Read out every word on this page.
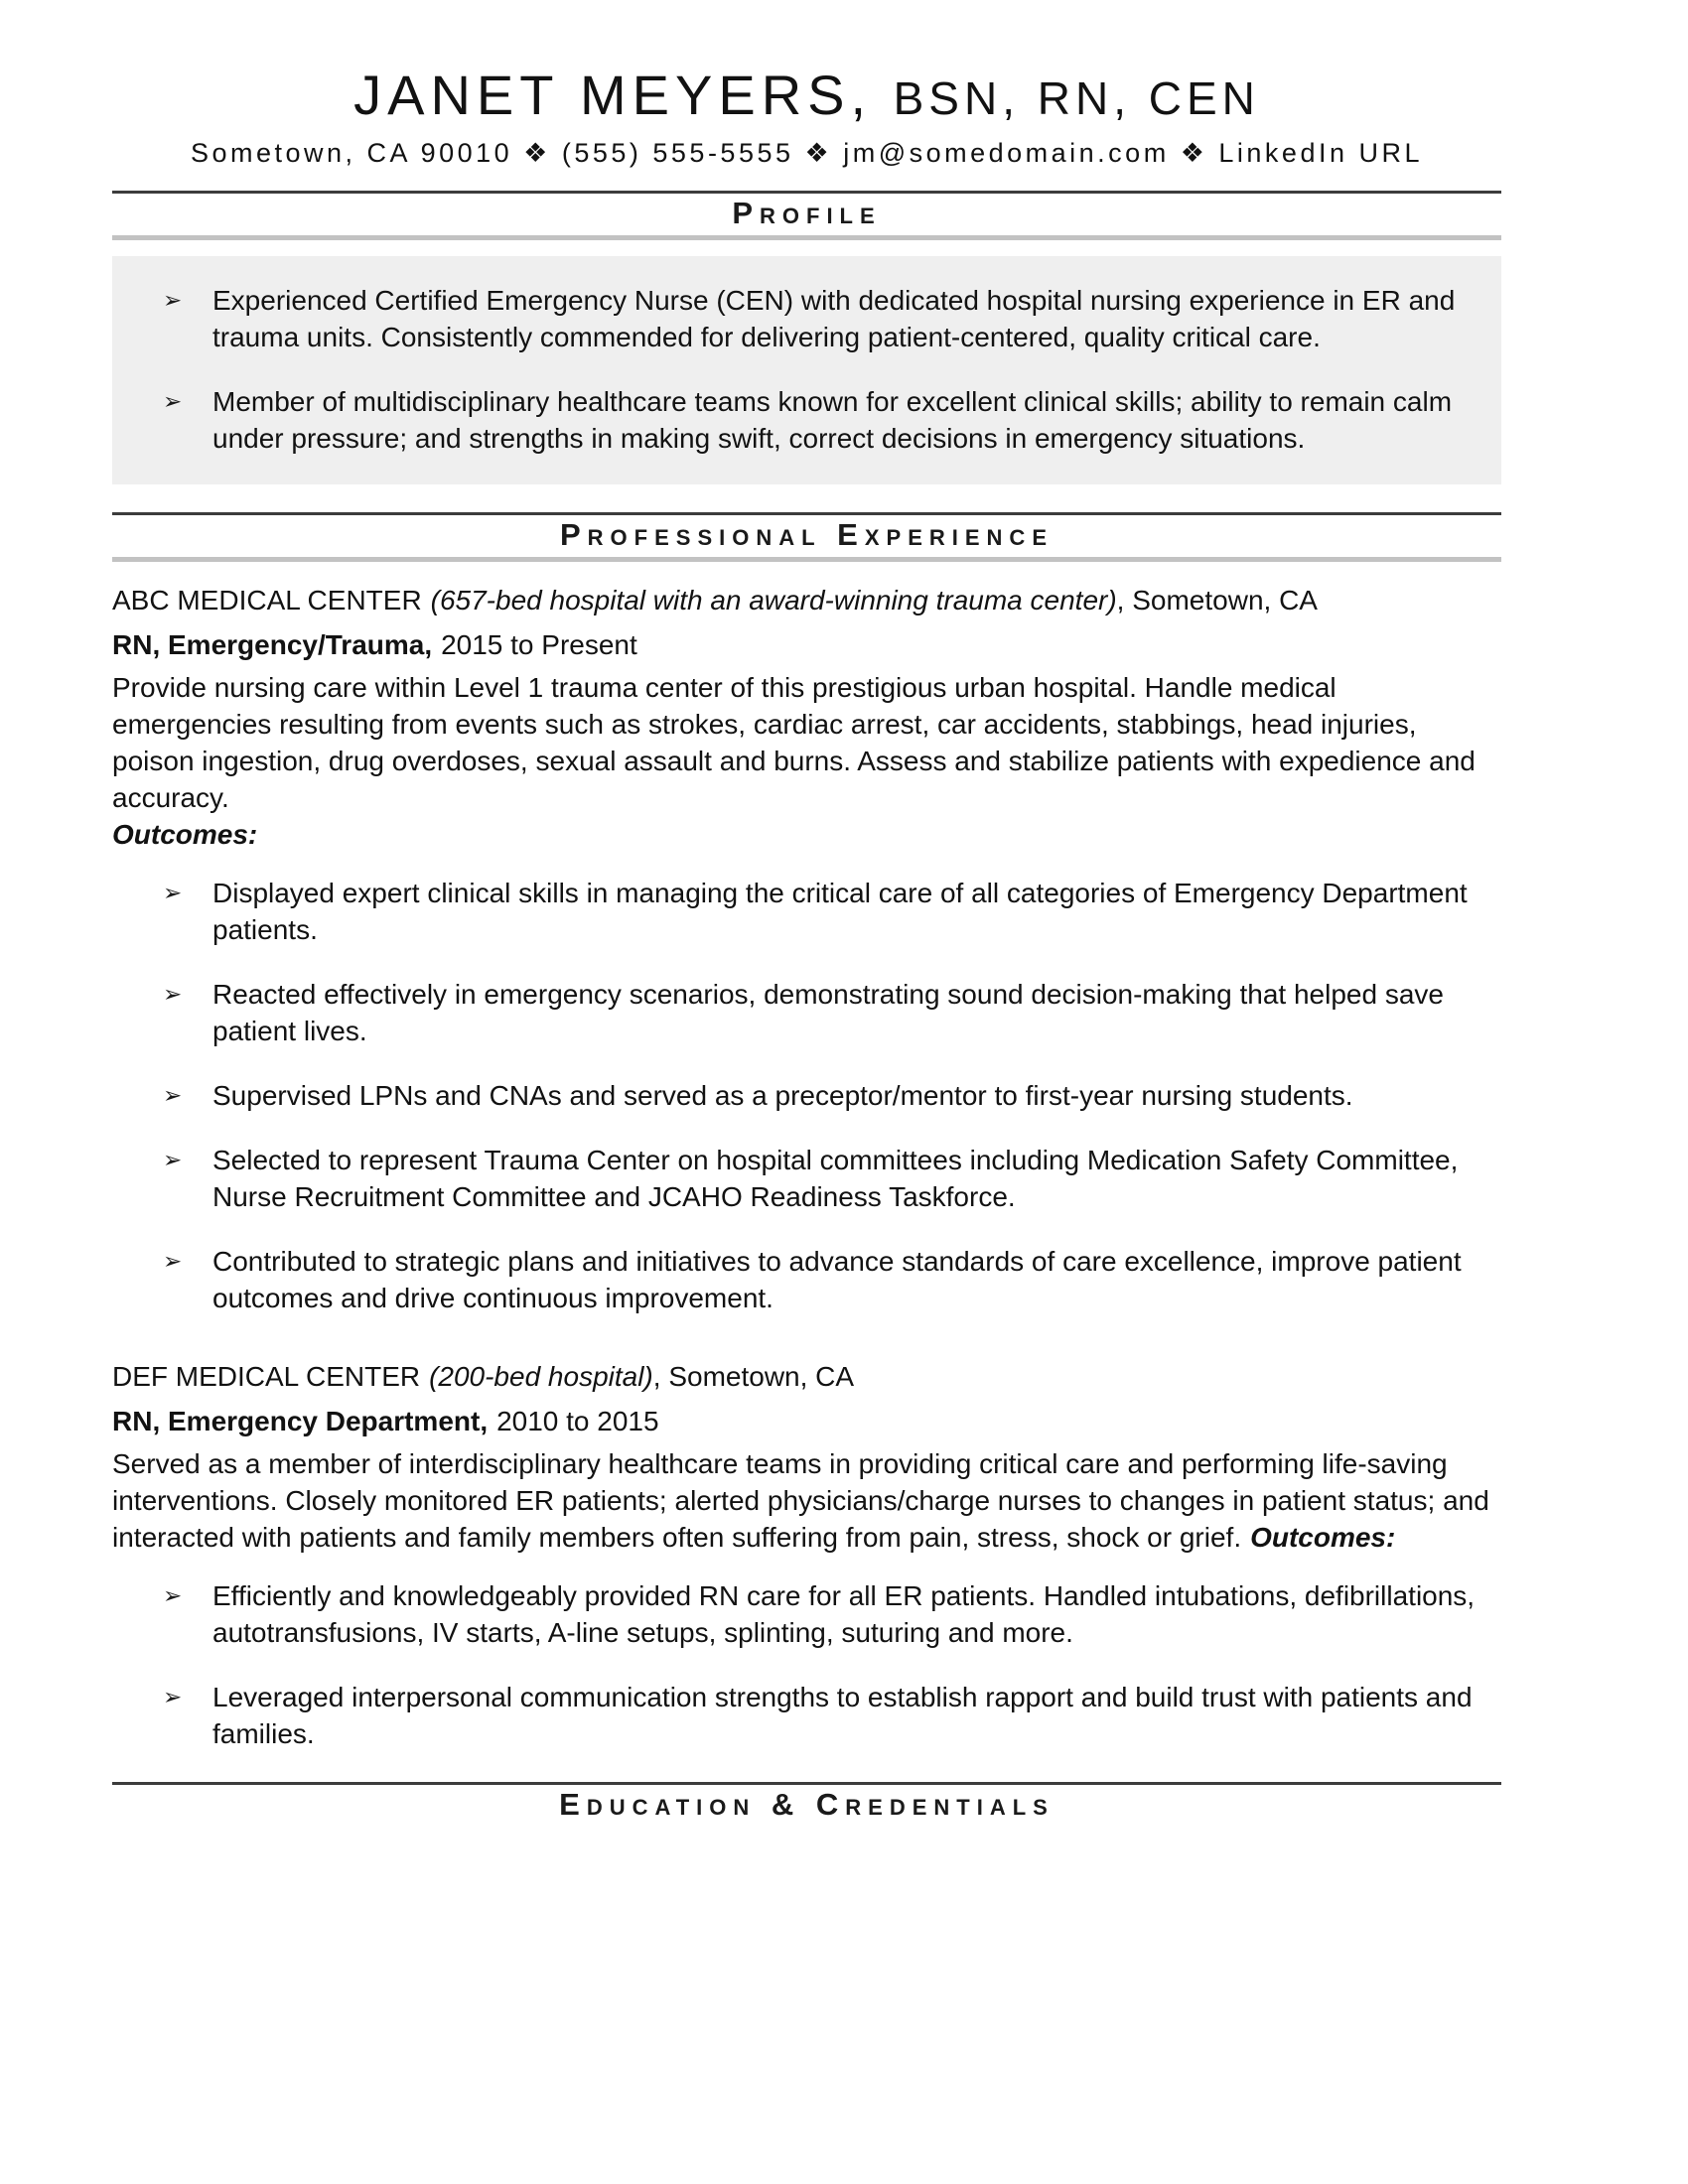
JANET MEYERS, BSN, RN, CEN
Sometown, CA 90010 ❖ (555) 555-5555 ❖ jm@somedomain.com ❖ LinkedIn URL
Profile
➢	Experienced Certified Emergency Nurse (CEN) with dedicated hospital nursing experience in ER and trauma units. Consistently commended for delivering patient-centered, quality critical care.
➢	Member of multidisciplinary healthcare teams known for excellent clinical skills; ability to remain calm under pressure; and strengths in making swift, correct decisions in emergency situations.
Professional Experience
ABC MEDICAL CENTER (657-bed hospital with an award-winning trauma center), Sometown, CA
RN, Emergency/Trauma, 2015 to Present
Provide nursing care within Level 1 trauma center of this prestigious urban hospital. Handle medical emergencies resulting from events such as strokes, cardiac arrest, car accidents, stabbings, head injuries, poison ingestion, drug overdoses, sexual assault and burns. Assess and stabilize patients with expedience and accuracy.
Outcomes:
➢	Displayed expert clinical skills in managing the critical care of all categories of Emergency Department patients.
➢	Reacted effectively in emergency scenarios, demonstrating sound decision-making that helped save patient lives.
➢	Supervised LPNs and CNAs and served as a preceptor/mentor to first-year nursing students.
➢	Selected to represent Trauma Center on hospital committees including Medication Safety Committee, Nurse Recruitment Committee and JCAHO Readiness Taskforce.
➢	Contributed to strategic plans and initiatives to advance standards of care excellence, improve patient outcomes and drive continuous improvement.
DEF MEDICAL CENTER (200-bed hospital), Sometown, CA
RN, Emergency Department, 2010 to 2015
Served as a member of interdisciplinary healthcare teams in providing critical care and performing life-saving interventions. Closely monitored ER patients; alerted physicians/charge nurses to changes in patient status; and interacted with patients and family members often suffering from pain, stress, shock or grief. Outcomes:
➢	Efficiently and knowledgeably provided RN care for all ER patients. Handled intubations, defibrillations, autotransfusions, IV starts, A-line setups, splinting, suturing and more.
➢	Leveraged interpersonal communication strengths to establish rapport and build trust with patients and families.
Education & Credentials
